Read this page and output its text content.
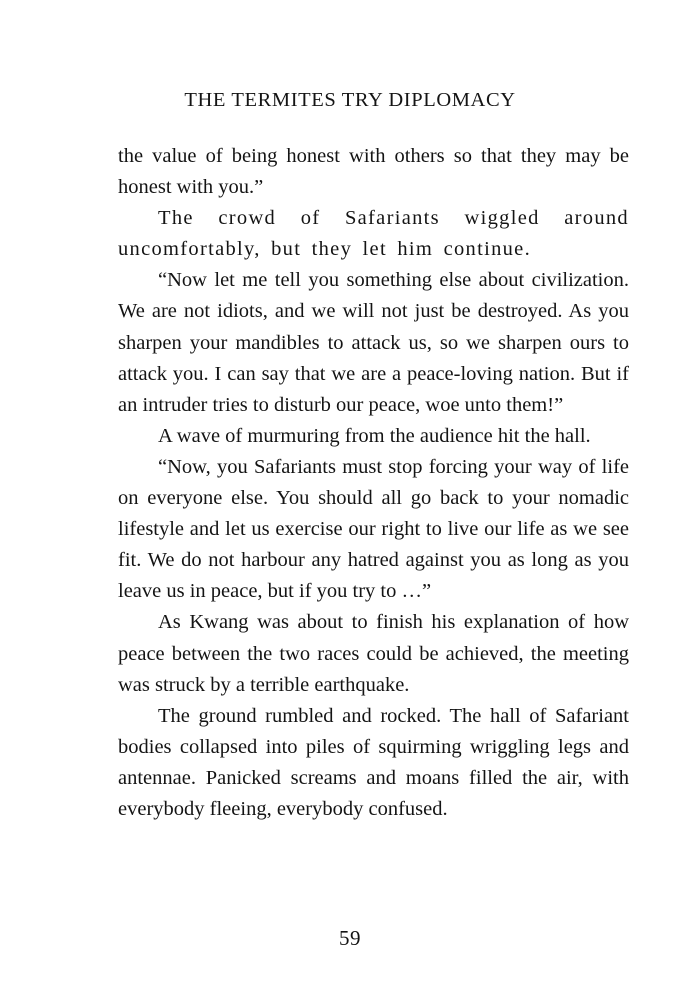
THE TERMITES TRY DIPLOMACY

the value of being honest with others so that they may be honest with you.”

The crowd of Safariants wiggled around uncomfortably, but they let him continue.

“Now let me tell you something else about civilization. We are not idiots, and we will not just be destroyed. As you sharpen your mandibles to attack us, so we sharpen ours to attack you. I can say that we are a peace-loving nation. But if an intruder tries to disturb our peace, woe unto them!”

A wave of murmuring from the audience hit the hall.

“Now, you Safariants must stop forcing your way of life on everyone else. You should all go back to your nomadic lifestyle and let us exercise our right to live our life as we see fit. We do not harbour any hatred against you as long as you leave us in peace, but if you try to …”

As Kwang was about to finish his explanation of how peace between the two races could be achieved, the meeting was struck by a terrible earthquake.

The ground rumbled and rocked. The hall of Safariant bodies collapsed into piles of squirming wriggling legs and antennae. Panicked screams and moans filled the air, with everybody fleeing, everybody confused.

59
